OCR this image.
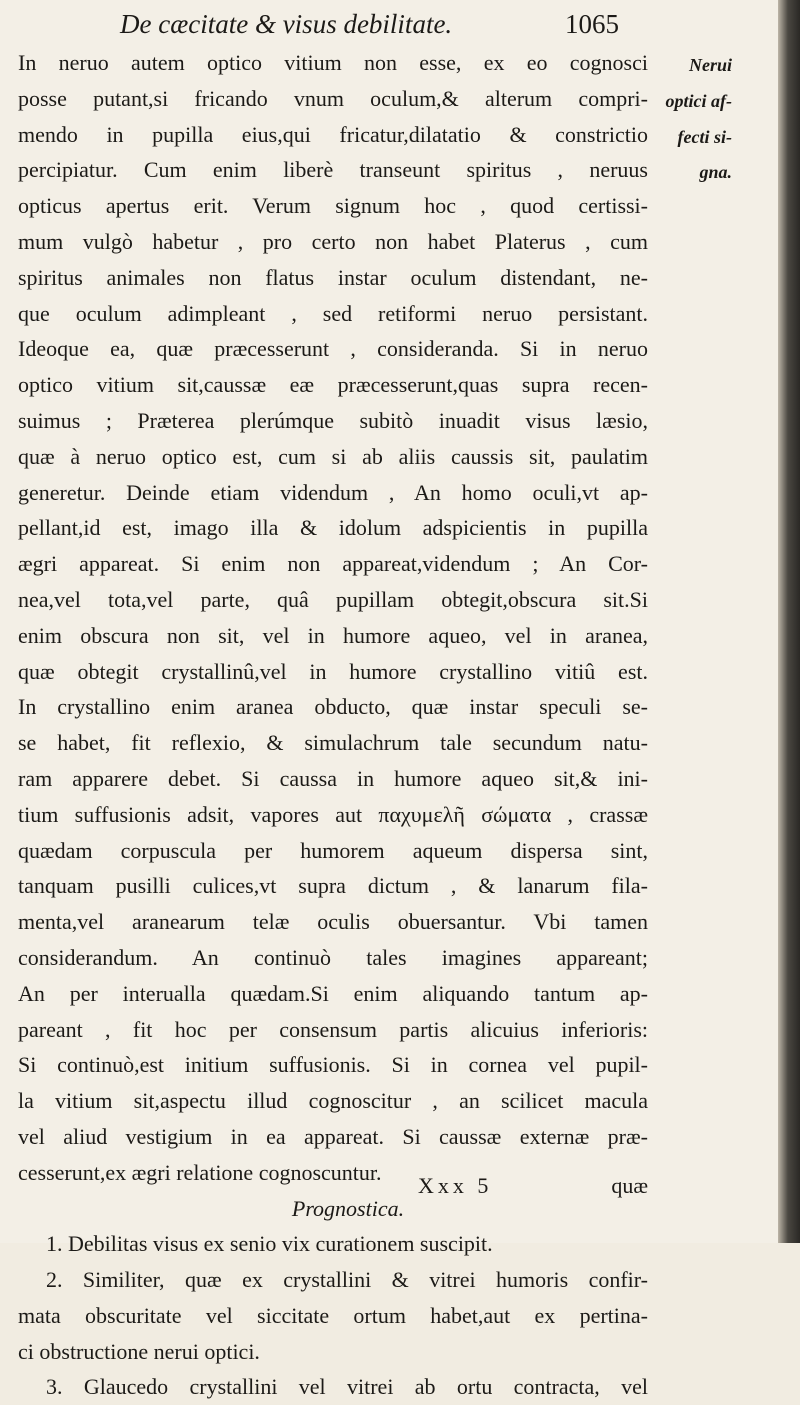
De cæcitate & visus debilitate.	1065
Nerui
optici af-
fecti si-
gna.
In neruo autem optico vitium non esse, ex eo cognosci
posse putant,si fricando vnum oculum,& alterum compri-
mendo in pupilla eius,qui fricatur,dilatatio & constrictio
percipiatur. Cum enim liberè transeunt spiritus , neruus
opticus apertus erit. Verum signum hoc , quod certissi-
mum vulgò habetur , pro certo non habet Platerus , cum
spiritus animales non flatus instar oculum distendant, ne-
que oculum adimpleant , sed retiformi neruo persistant.
Ideoque ea, quæ præcesserunt , consideranda. Si in neruo
optico vitium sit,caussæ eæ præcesserunt,quas supra recen-
suimus ; Præterea plerúmque subitò inuadit visus læsio,
quæ à neruo optico est, cum si ab aliis caussis sit, paulatim
generetur. Deinde etiam videndum , An homo oculi,vt ap-
pellant,id est, imago illa & idolum adspicientis in pupilla
ægri appareat. Si enim non appareat,videndum ; An Cor-
nea,vel tota,vel parte, quâ pupillam obtegit,obscura sit.Si
enim obscura non sit, vel in humore aqueo, vel in aranea,
quæ obtegit crystallinû,vel in humore crystallino vitiû est.
In crystallino enim aranea obducto, quæ instar speculi se-
se habet, fit reflexio, & simulachrum tale secundum natu-
ram apparere debet. Si caussa in humore aqueo sit,& ini-
tium suffusionis adsit, vapores aut παχυμελῆ σώματα , crassæ
quædam corpuscula per humorem aqueum dispersa sint,
tanquam pusilli culices,vt supra dictum , & lanarum fila-
menta,vel aranearum telæ oculis obuersantur. Vbi tamen
considerandum. An continuò tales imagines appareant;
An per interualla quædam.Si enim aliquando tantum ap-
pareant , fit hoc per consensum partis alicuius inferioris:
Si continuò,est initium suffusionis. Si in cornea vel pupil-
la vitium sit,aspectu illud cognoscitur , an scilicet macula
vel aliud vestigium in ea appareat. Si caussæ externæ præ-
cesserunt,ex ægri relatione cognoscuntur.
Prognostica.
1. Debilitas visus ex senio vix curationem suscipit.
2. Similiter, quæ ex crystallini & vitrei humoris confir-
mata obscuritate vel siccitate ortum habet,aut ex pertina-
ci obstructione nerui optici.
3. Glaucedo crystallini vel vitrei ab ortu contracta, vel
Xxx 5	quæ
